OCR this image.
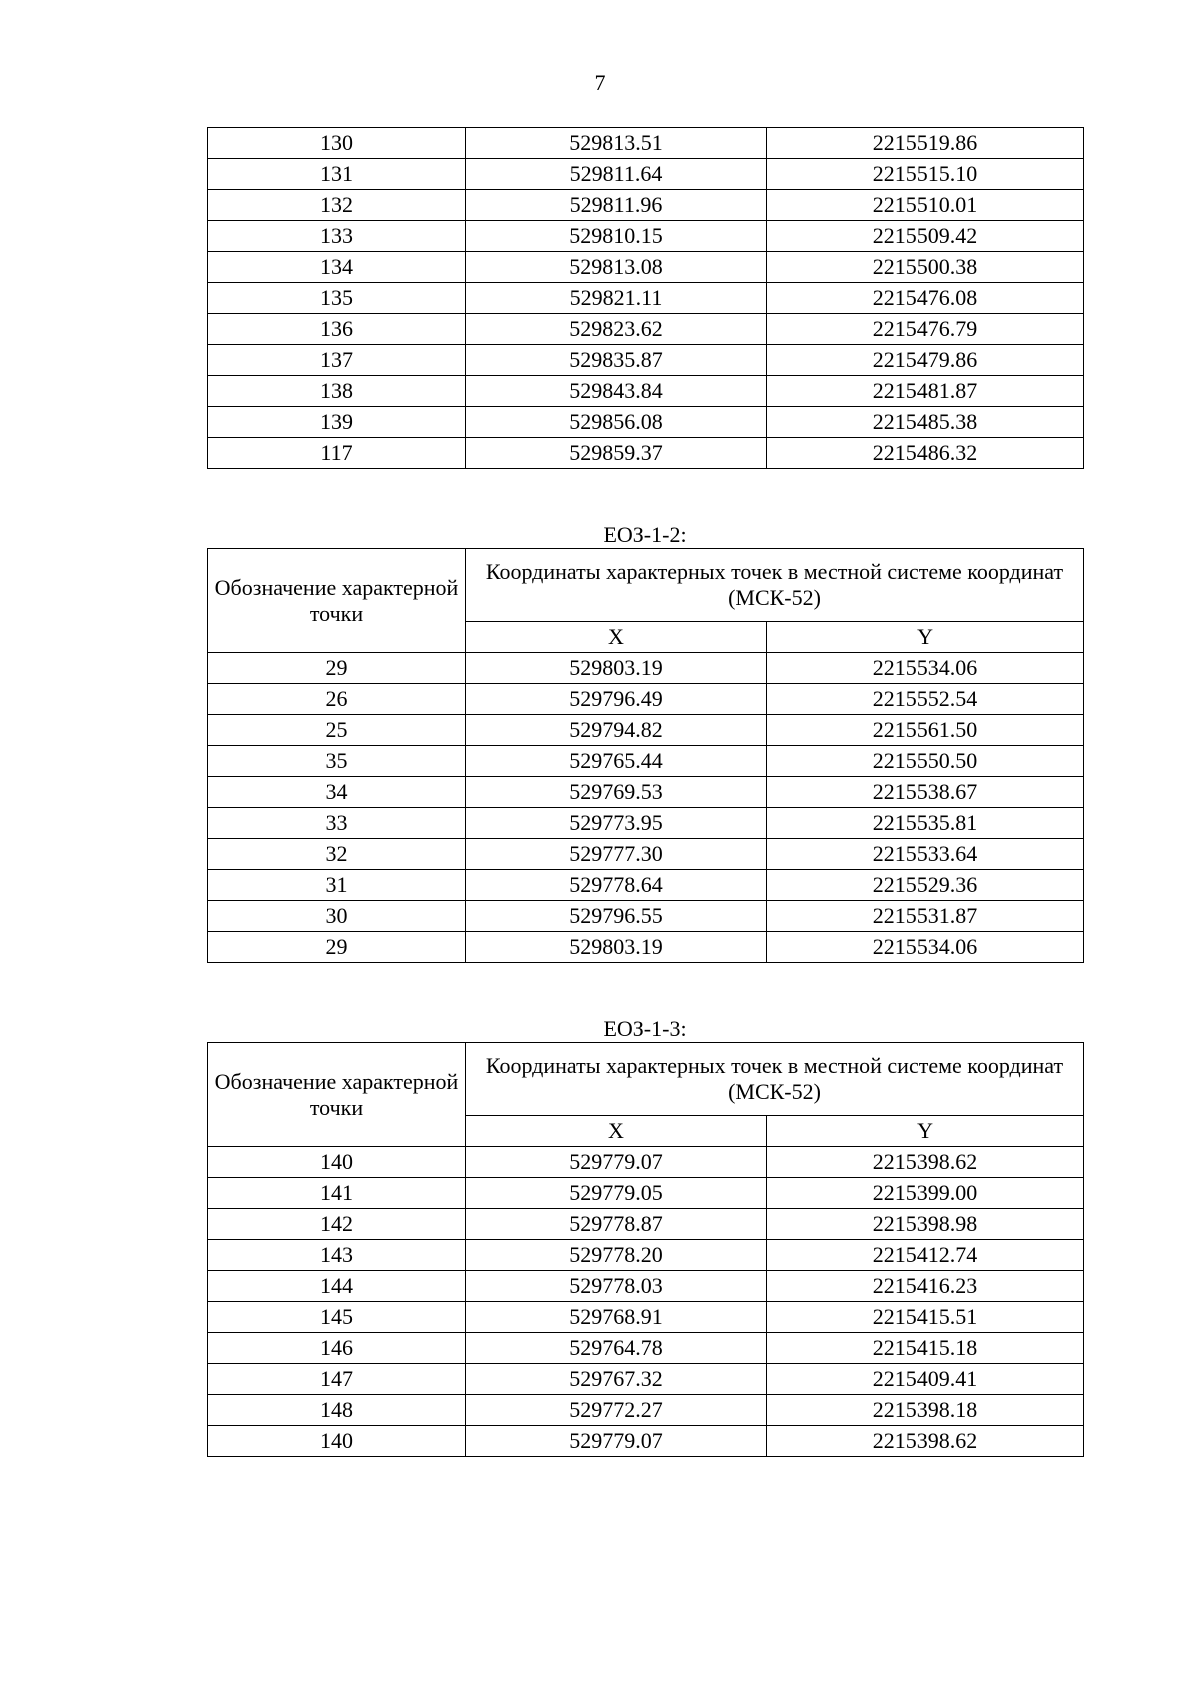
7
130	529813.51	2215519.86
131	529811.64	2215515.10
132	529811.96	2215510.01
133	529810.15	2215509.42
134	529813.08	2215500.38
135	529821.11	2215476.08
136	529823.62	2215476.79
137	529835.87	2215479.86
138	529843.84	2215481.87
139	529856.08	2215485.38
117	529859.37	2215486.32
ЕОЗ-1-2:
Обозначение характерной точки	Координаты характерных точек в местной системе координат (МСК-52)	
	X	Y
29	529803.19	2215534.06
26	529796.49	2215552.54
25	529794.82	2215561.50
35	529765.44	2215550.50
34	529769.53	2215538.67
33	529773.95	2215535.81
32	529777.30	2215533.64
31	529778.64	2215529.36
30	529796.55	2215531.87
29	529803.19	2215534.06
ЕОЗ-1-3:
Обозначение характерной точки	Координаты характерных точек в местной системе координат (МСК-52)	
	X	Y
140	529779.07	2215398.62
141	529779.05	2215399.00
142	529778.87	2215398.98
143	529778.20	2215412.74
144	529778.03	2215416.23
145	529768.91	2215415.51
146	529764.78	2215415.18
147	529767.32	2215409.41
148	529772.27	2215398.18
140	529779.07	2215398.62
